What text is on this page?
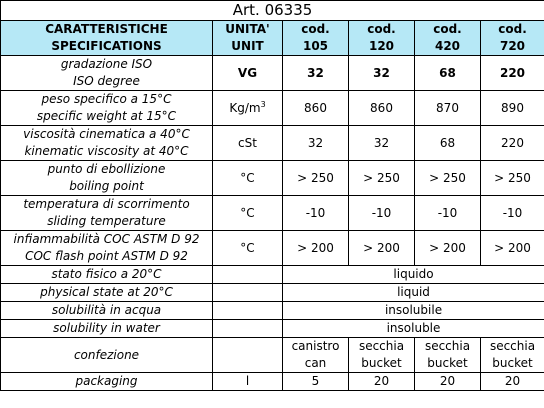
Art. 06335					
CARATTERISTICHE	UNITA'	cod.	cod.	cod.	cod.
SPECIFICATIONS	UNIT	105	120	420	720
gradazione ISO	VG	32	32	68	220
ISO degree					
peso specifico a 15°C	$Kg/m^3$	860	860	870	890
specific weight at 15°C					
viscosità cinematica a 40°C	cSt	32	32	68	220
kinematic viscosity at 40°C					
punto di ebollizione	°C	> 250	> 250	> 250	> 250
boiling point					
temperatura di scorrimento	°C	-10	-10	-10	-10
sliding temperature					
infiammabilità COC ASTM D 92	°C	> 200	> 200	> 200	> 200
COC flash point ASTM D 92					
stato fisico a 20°C		liquido			
physical state at 20°C		liquid			
solubilità in acqua		insolubile			
solubility in water		insoluble			
confezione		canistro	secchia	secchia	secchia
		can	bucket	bucket	bucket
packaging	l	5	20	20	20
